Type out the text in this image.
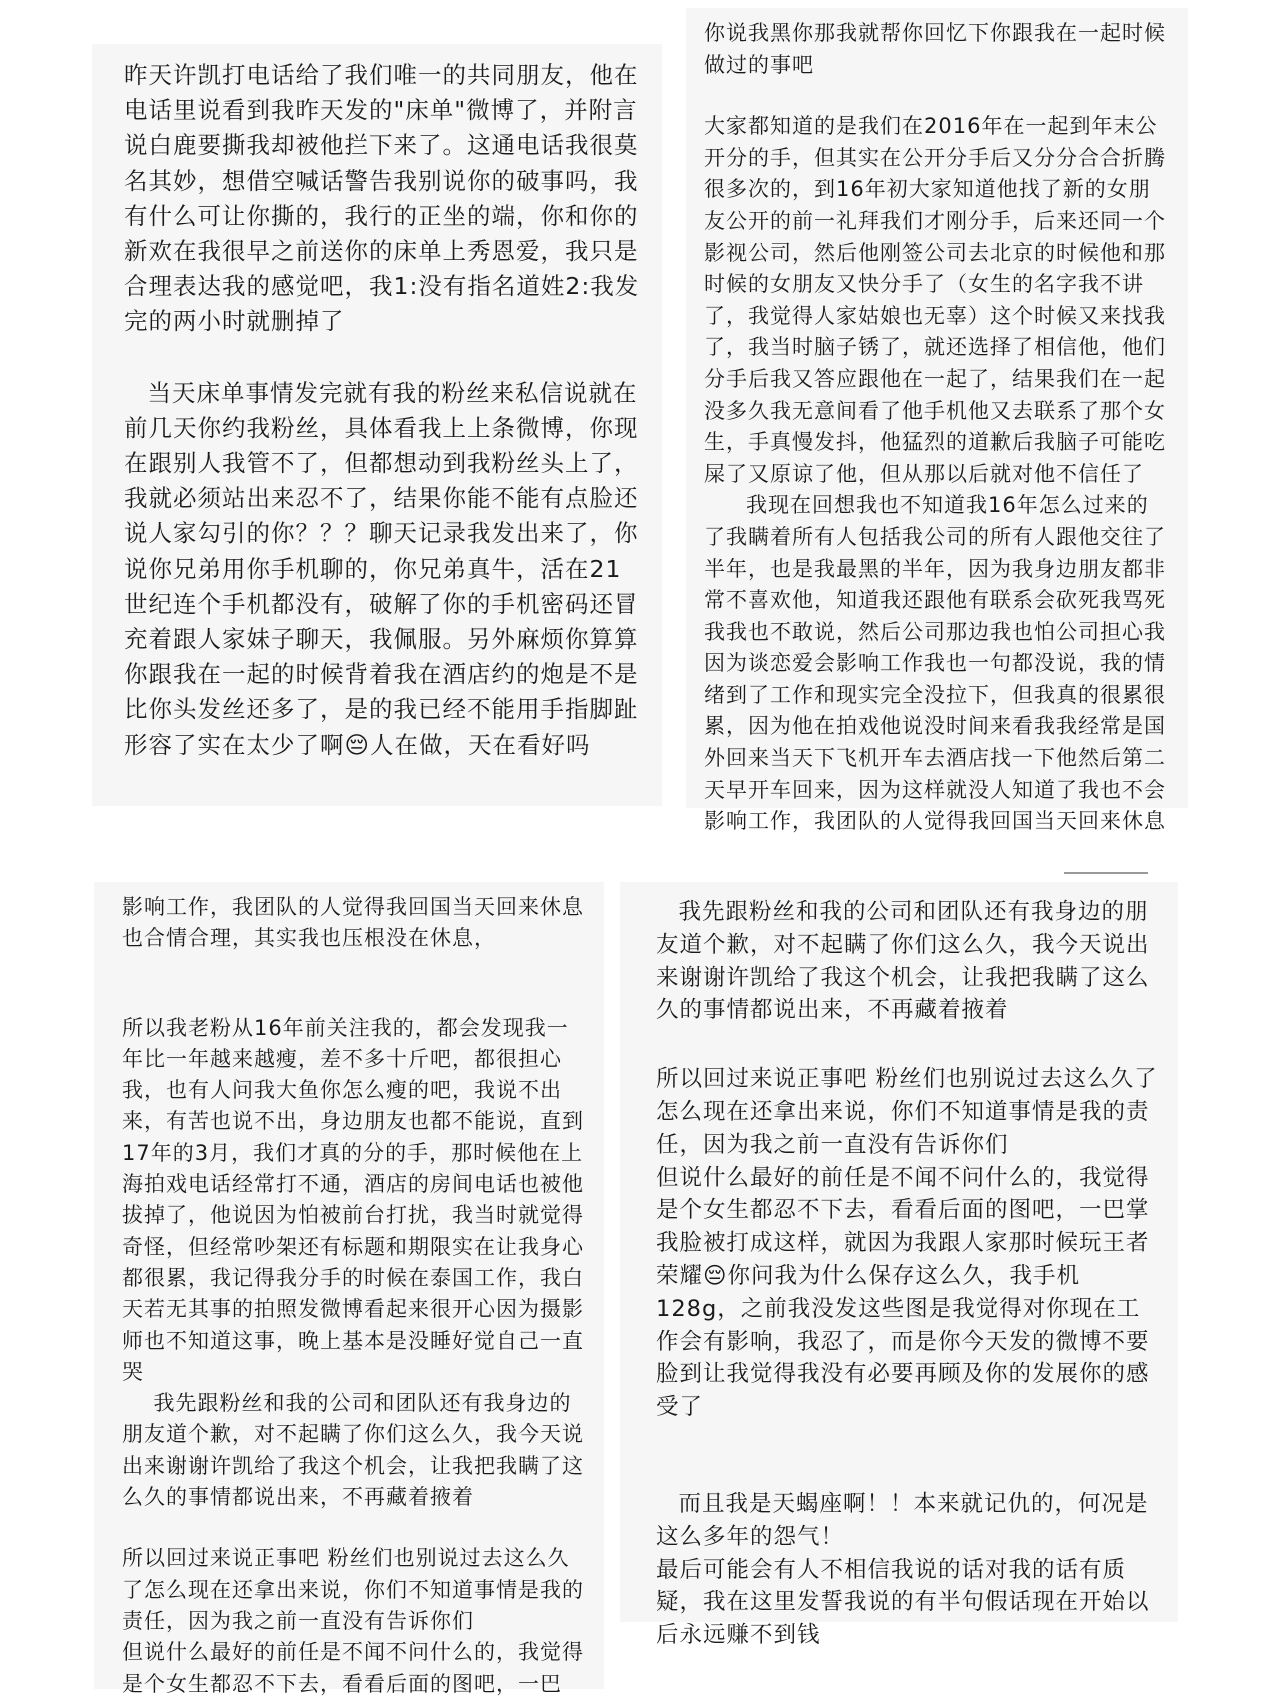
昨天许凯打电话给了我们唯一的共同朋友，他在电话里说看到我昨天发的"床单"微博了，并附言说白鹿要撕我却被他拦下来了。这通电话我很莫名其妙，想借空喊话警告我别说你的破事吗，我有什么可让你撕的，我行的正坐的端，你和你的新欢在我很早之前送你的床单上秀恩爱，我只是合理表达我的感觉吧，我1:没有指名道姓2:我发完的两小时就删掉了

当天床单事情发完就有我的粉丝来私信说就在前几天你约我粉丝，具体看我上上条微博，你现在跟别人我管不了，但都想动到我粉丝头上了，我就必须站出来忍不了，结果你能不能有点脸还说人家勾引的你？？？聊天记录我发出来了，你说你兄弟用你手机聊的，你兄弟真牛，活在21世纪连个手机都没有，破解了你的手机密码还冒充着跟人家妹子聊天，我佩服。另外麻烦你算算你跟我在一起的时候背着我在酒店约的炮是不是比你头发丝还多了，是的我已经不能用手指脚趾形容了实在太少了啊😔人在做，天在看好吗

你说我黑你那我就帮你回忆下你跟我在一起时候做过的事吧

大家都知道的是我们在2016年在一起到年末公开分的手，但其实在公开分手后又分分合合折腾很多次的，到16年初大家知道他找了新的女朋友公开的前一礼拜我们才刚分手，后来还同一个影视公司，然后他刚签公司去北京的时候他和那时候的女朋友又快分手了（女生的名字我不讲了，我觉得人家姑娘也无辜）这个时候又来找我了，我当时脑子锈了，就还选择了相信他，他们分手后我又答应跟他在一起了，结果我们在一起没多久我无意间看了他手机他又去联系了那个女生，手真慢发抖，他猛烈的道歉后我脑子可能吃屎了又原谅了他，但从那以后就对他不信任了

我现在回想我也不知道我16年怎么过来的了我瞒着所有人包括我公司的所有人跟他交往了半年，也是我最黑的半年，因为我身边朋友都非常不喜欢他，知道我还跟他有联系会砍死我骂死我我也不敢说，然后公司那边我也怕公司担心我因为谈恋爱会影响工作我也一句都没说，我的情绪到了工作和现实完全没拉下，但我真的很累很累，因为他在拍戏他说没时间来看我我经常是国外回来当天下飞机开车去酒店找一下他然后第二天早开车回来，因为这样就没人知道了我也不会影响工作，我团队的人觉得我回国当天回来休息

影响工作，我团队的人觉得我回国当天回来休息也合情合理，其实我也压根没在休息，

所以我老粉从16年前关注我的，都会发现我一年比一年越来越瘦，差不多十斤吧，都很担心我，也有人问我大鱼你怎么瘦的吧，我说不出来，有苦也说不出，身边朋友也都不能说，直到17年的3月，我们才真的分的手，那时候他在上海拍戏电话经常打不通，酒店的房间电话也被他拔掉了，他说因为怕被前台打扰，我当时就觉得奇怪，但经常吵架还有标题和期限实在让我身心都很累，我记得我分手的时候在泰国工作，我白天若无其事的拍照发微博看起来很开心因为摄影师也不知道这事，晚上基本是没睡好觉自己一直哭

我先跟粉丝和我的公司和团队还有我身边的朋友道个歉，对不起瞒了你们这么久，我今天说出来谢谢许凯给了我这个机会，让我把我瞒了这么久的事情都说出来，不再藏着掖着

所以回过来说正事吧 粉丝们也别说过去这么久了怎么现在还拿出来说，你们不知道事情是我的责任，因为我之前一直没有告诉你们
但说什么最好的前任是不闻不问什么的，我觉得是个女生都忍不下去，看看后面的图吧，一巴

我先跟粉丝和我的公司和团队还有我身边的朋友道个歉，对不起瞒了你们这么久，我今天说出来谢谢许凯给了我这个机会，让我把我瞒了这么久的事情都说出来，不再藏着掖着

所以回过来说正事吧 粉丝们也别说过去这么久了怎么现在还拿出来说，你们不知道事情是我的责任，因为我之前一直没有告诉你们
但说什么最好的前任是不闻不问什么的，我觉得是个女生都忍不下去，看看后面的图吧，一巴掌我脸被打成这样，就因为我跟人家那时候玩王者荣耀😔你问我为什么保存这么久，我手机128g，之前我没发这些图是我觉得对你现在工作会有影响，我忍了，而是你今天发的微博不要脸到让我觉得我没有必要再顾及你的发展你的感受了

而且我是天蝎座啊！！本来就记仇的，何况是这么多年的怨气！
最后可能会有人不相信我说的话对我的话有质疑，我在这里发誓我说的有半句假话现在开始以后永远赚不到钱
